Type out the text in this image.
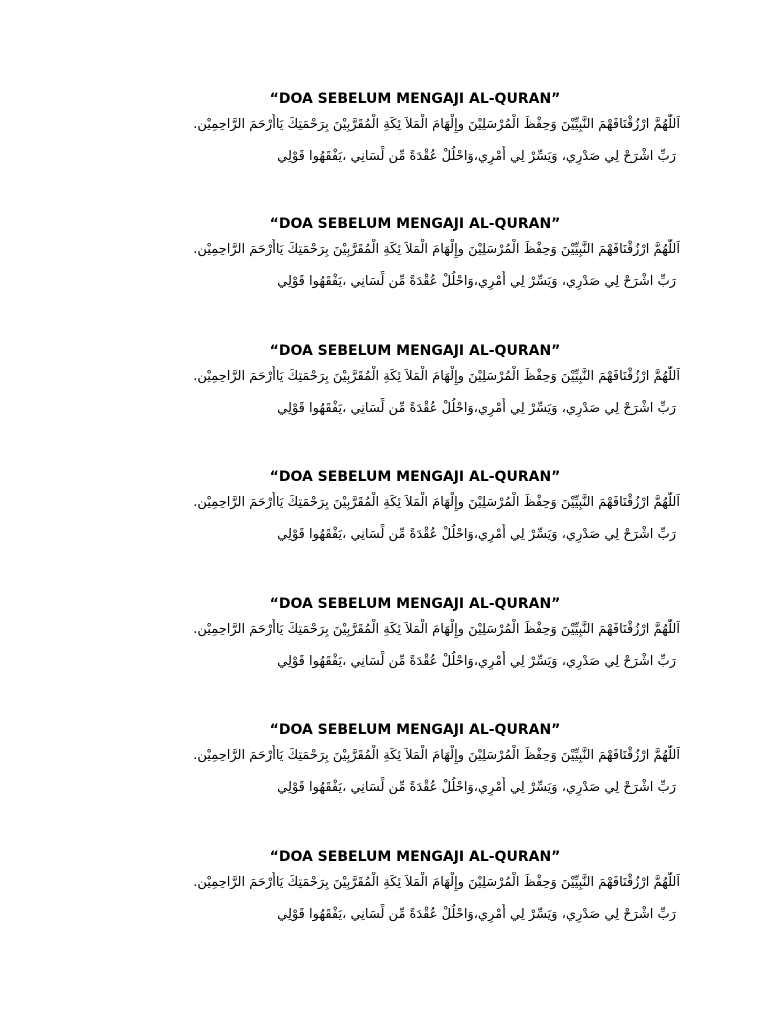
“DOA SEBELUM MENGAJI AL-QURAN”
اَللّٰهُمَّ ارْزُقْنَافَهْمَ النَّبِيِّيْنَ وَحِفْظَ الْمُرْسَلِيْنَ وإِلْهَامَ الْمَلاَ ئِكَةِ الْمُقَرَّبِيْنَ بِرَحْمَتِكَ يَاأَرْحَمَ الرَّاحِمِيْن.
رَبِّ اشْرَحْ لِي صَدْرِي، وَيَسِّرْ لِي أَمْرِي،وَاحْلُلْ عُقْدَةً مِّن لِّسَانِي ،يَفْقَهُوا قَوْلِي
“DOA SEBELUM MENGAJI AL-QURAN”
اَللّٰهُمَّ ارْزُقْنَافَهْمَ النَّبِيِّيْنَ وَحِفْظَ الْمُرْسَلِيْنَ وإِلْهَامَ الْمَلاَ ئِكَةِ الْمُقَرَّبِيْنَ بِرَحْمَتِكَ يَاأَرْحَمَ الرَّاحِمِيْن.
رَبِّ اشْرَحْ لِي صَدْرِي، وَيَسِّرْ لِي أَمْرِي،وَاحْلُلْ عُقْدَةً مِّن لِّسَانِي ،يَفْقَهُوا قَوْلِي
“DOA SEBELUM MENGAJI AL-QURAN”
اَللّٰهُمَّ ارْزُقْنَافَهْمَ النَّبِيِّيْنَ وَحِفْظَ الْمُرْسَلِيْنَ وإِلْهَامَ الْمَلاَ ئِكَةِ الْمُقَرَّبِيْنَ بِرَحْمَتِكَ يَاأَرْحَمَ الرَّاحِمِيْن.
رَبِّ اشْرَحْ لِي صَدْرِي، وَيَسِّرْ لِي أَمْرِي،وَاحْلُلْ عُقْدَةً مِّن لِّسَانِي ،يَفْقَهُوا قَوْلِي
“DOA SEBELUM MENGAJI AL-QURAN”
اَللّٰهُمَّ ارْزُقْنَافَهْمَ النَّبِيِّيْنَ وَحِفْظَ الْمُرْسَلِيْنَ وإِلْهَامَ الْمَلاَ ئِكَةِ الْمُقَرَّبِيْنَ بِرَحْمَتِكَ يَاأَرْحَمَ الرَّاحِمِيْن.
رَبِّ اشْرَحْ لِي صَدْرِي، وَيَسِّرْ لِي أَمْرِي،وَاحْلُلْ عُقْدَةً مِّن لِّسَانِي ،يَفْقَهُوا قَوْلِي
“DOA SEBELUM MENGAJI AL-QURAN”
اَللّٰهُمَّ ارْزُقْنَافَهْمَ النَّبِيِّيْنَ وَحِفْظَ الْمُرْسَلِيْنَ وإِلْهَامَ الْمَلاَ ئِكَةِ الْمُقَرَّبِيْنَ بِرَحْمَتِكَ يَاأَرْحَمَ الرَّاحِمِيْن.
رَبِّ اشْرَحْ لِي صَدْرِي، وَيَسِّرْ لِي أَمْرِي،وَاحْلُلْ عُقْدَةً مِّن لِّسَانِي ،يَفْقَهُوا قَوْلِي
“DOA SEBELUM MENGAJI AL-QURAN”
اَللّٰهُمَّ ارْزُقْنَافَهْمَ النَّبِيِّيْنَ وَحِفْظَ الْمُرْسَلِيْنَ وإِلْهَامَ الْمَلاَ ئِكَةِ الْمُقَرَّبِيْنَ بِرَحْمَتِكَ يَاأَرْحَمَ الرَّاحِمِيْن.
رَبِّ اشْرَحْ لِي صَدْرِي، وَيَسِّرْ لِي أَمْرِي،وَاحْلُلْ عُقْدَةً مِّن لِّسَانِي ،يَفْقَهُوا قَوْلِي
“DOA SEBELUM MENGAJI AL-QURAN”
اَللّٰهُمَّ ارْزُقْنَافَهْمَ النَّبِيِّيْنَ وَحِفْظَ الْمُرْسَلِيْنَ وإِلْهَامَ الْمَلاَ ئِكَةِ الْمُقَرَّبِيْنَ بِرَحْمَتِكَ يَاأَرْحَمَ الرَّاحِمِيْن.
رَبِّ اشْرَحْ لِي صَدْرِي، وَيَسِّرْ لِي أَمْرِي،وَاحْلُلْ عُقْدَةً مِّن لِّسَانِي ،يَفْقَهُوا قَوْلِي
